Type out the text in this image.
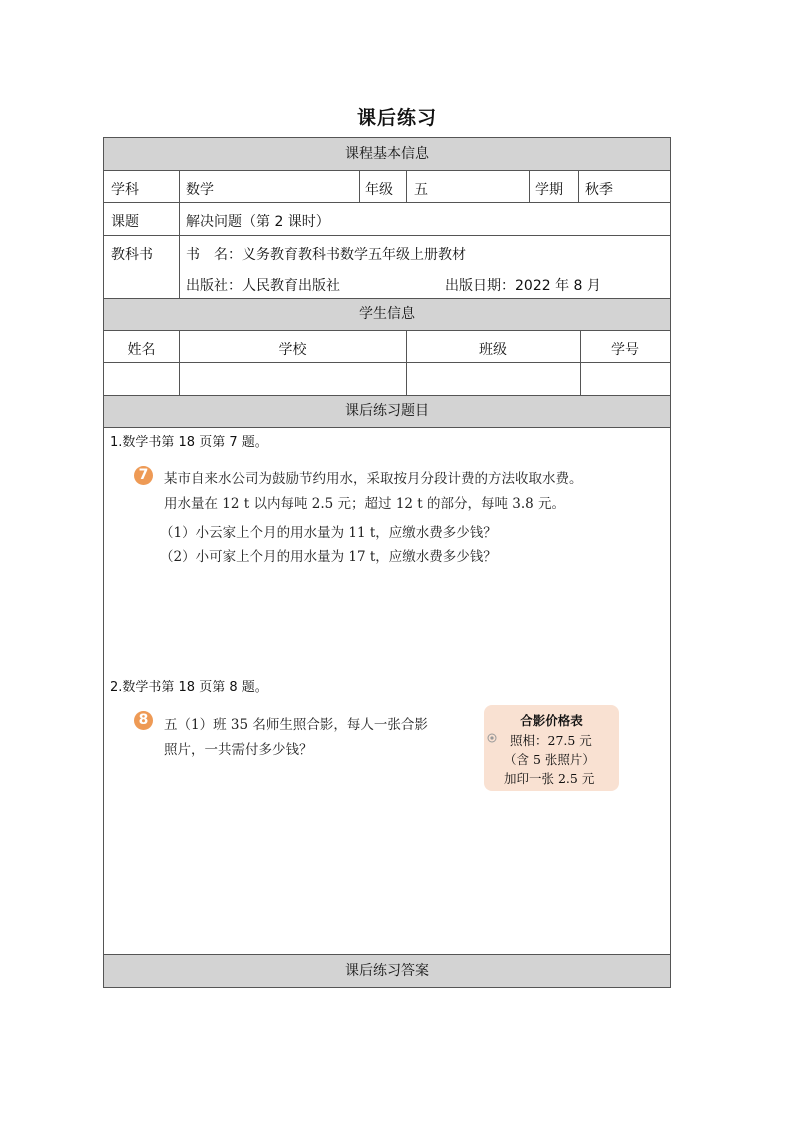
课后练习
课程基本信息
学科	数学	年级 五	学期 秋季
课题	解决问题（第 2 课时）
教科书 书　名：义务教育教科书数学五年级上册教材
出版社：人民教育出版社	出版日期：2022 年 8 月
学生信息
姓名	学校	班级	学号
课后练习题目
1.数学书第 18 页第 7 题。
7	某市自来水公司为鼓励节约用水，采取按月分段计费的方法收取水费。
用水量在 12 t 以内每吨 2.5 元；超过 12 t 的部分，每吨 3.8 元。
（1）小云家上个月的用水量为 11 t，应缴水费多少钱？
（2）小可家上个月的用水量为 17 t，应缴水费多少钱？
2.数学书第 18 页第 8 题。
8	五（1）班 35 名师生照合影，每人一张合影
照片，一共需付多少钱？
合影价格表
照相：27.5 元
（含 5 张照片）
加印一张 2.5 元
课后练习答案
